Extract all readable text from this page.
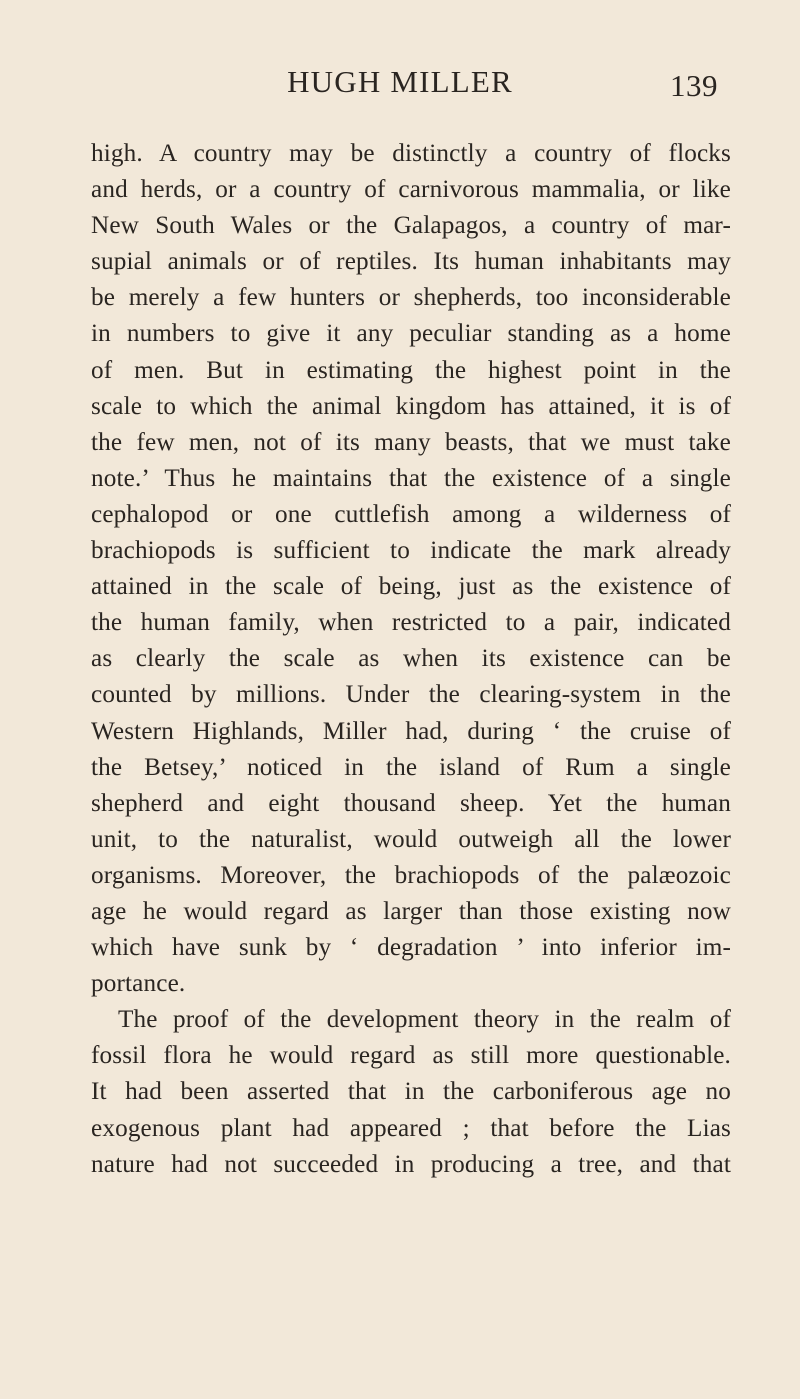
HUGH MILLER	139
high. A country may be distinctly a country of flocks
and herds, or a country of carnivorous mammalia, or like
New South Wales or the Galapagos, a country of mar-
supial animals or of reptiles. Its human inhabitants may
be merely a few hunters or shepherds, too inconsiderable
in numbers to give it any peculiar standing as a home
of men. But in estimating the highest point in the
scale to which the animal kingdom has attained, it is of
the few men, not of its many beasts, that we must take
note.’ Thus he maintains that the existence of a single
cephalopod or one cuttlefish among a wilderness of
brachiopods is sufficient to indicate the mark already
attained in the scale of being, just as the existence of
the human family, when restricted to a pair, indicated
as clearly the scale as when its existence can be
counted by millions. Under the clearing-system in the
Western Highlands, Miller had, during ‘ the cruise of
the Betsey,’ noticed in the island of Rum a single
shepherd and eight thousand sheep. Yet the human
unit, to the naturalist, would outweigh all the lower
organisms. Moreover, the brachiopods of the palæozoic
age he would regard as larger than those existing now
which have sunk by ‘ degradation ’ into inferior im-
portance.
The proof of the development theory in the realm of
fossil flora he would regard as still more questionable.
It had been asserted that in the carboniferous age no
exogenous plant had appeared ; that before the Lias
nature had not succeeded in producing a tree, and that
